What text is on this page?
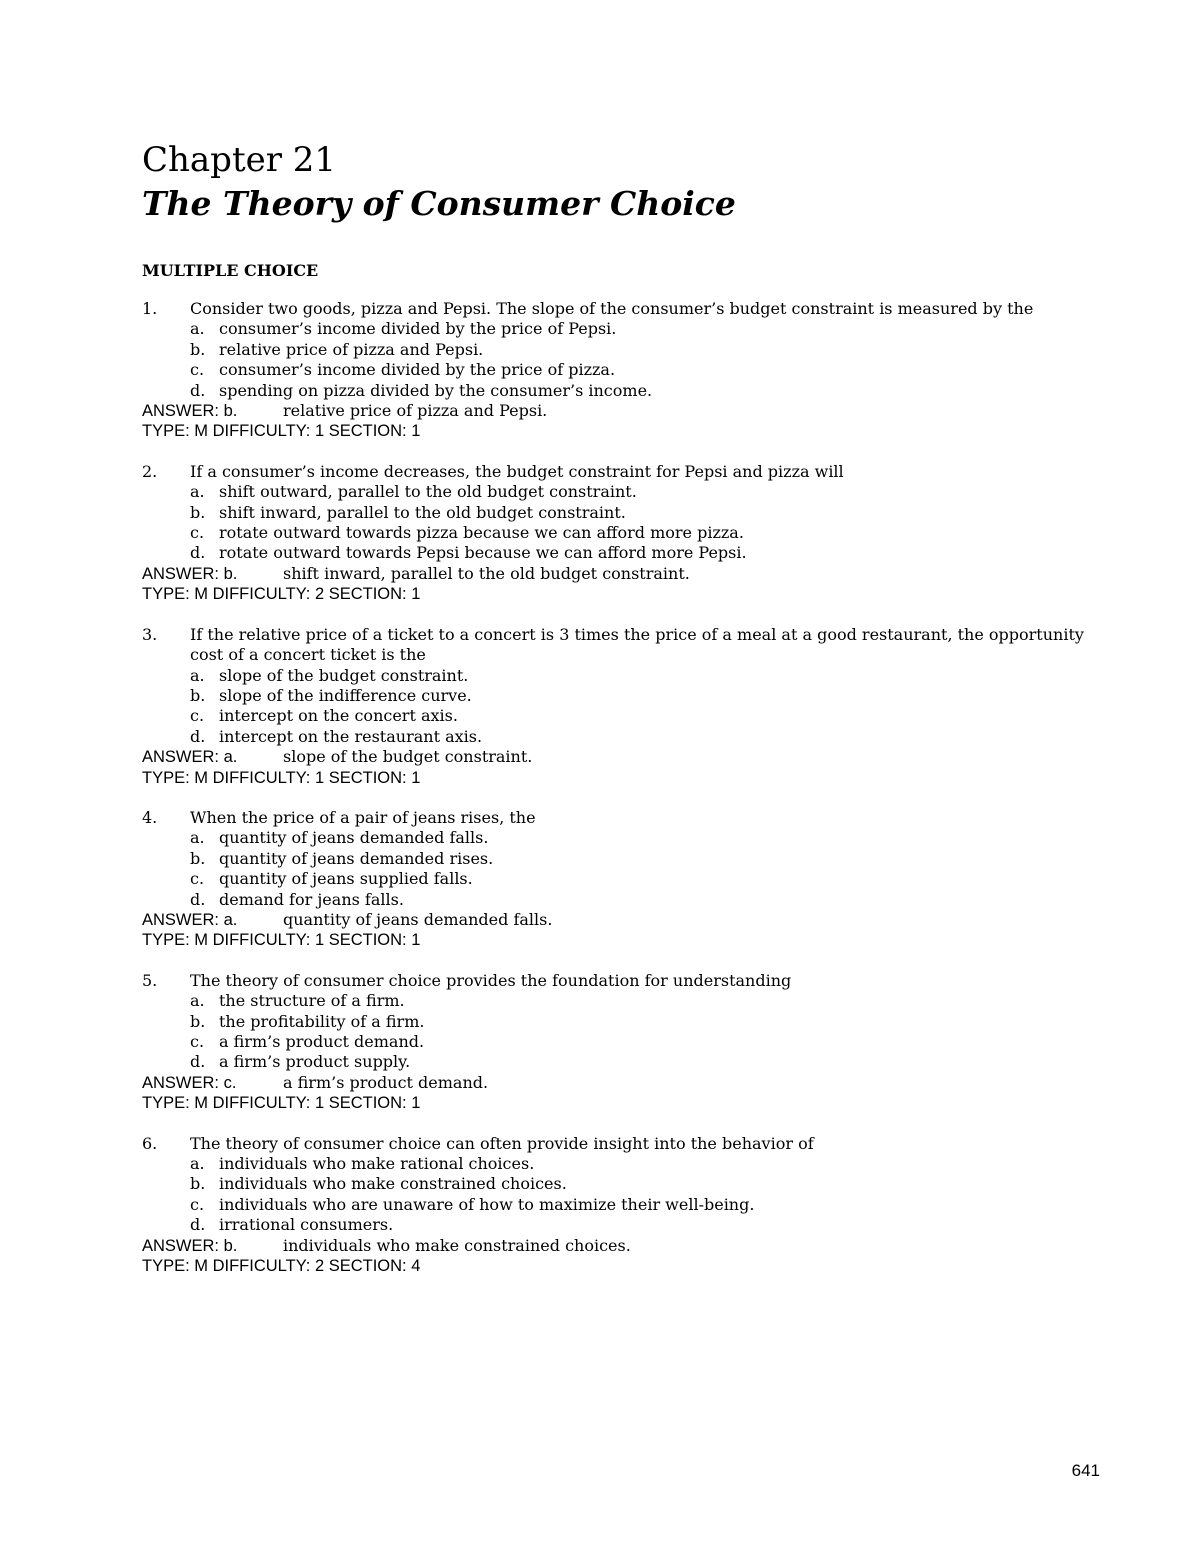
Chapter 21
The Theory of Consumer Choice
MULTIPLE CHOICE
1.	Consider two goods, pizza and Pepsi. The slope of the consumer’s budget constraint is measured by the
a. consumer’s income divided by the price of Pepsi.
b. relative price of pizza and Pepsi.
c. consumer’s income divided by the price of pizza.
d. spending on pizza divided by the consumer’s income.
ANSWER: b.	relative price of pizza and Pepsi.
TYPE: M DIFFICULTY: 1 SECTION: 1
2.	If a consumer’s income decreases, the budget constraint for Pepsi and pizza will
a. shift outward, parallel to the old budget constraint.
b. shift inward, parallel to the old budget constraint.
c. rotate outward towards pizza because we can afford more pizza.
d. rotate outward towards Pepsi because we can afford more Pepsi.
ANSWER: b.	shift inward, parallel to the old budget constraint.
TYPE: M DIFFICULTY: 2 SECTION: 1
3.	If the relative price of a ticket to a concert is 3 times the price of a meal at a good restaurant, the opportunity cost of a concert ticket is the
a. slope of the budget constraint.
b. slope of the indifference curve.
c. intercept on the concert axis.
d. intercept on the restaurant axis.
ANSWER: a.	slope of the budget constraint.
TYPE: M DIFFICULTY: 1 SECTION: 1
4.	When the price of a pair of jeans rises, the
a. quantity of jeans demanded falls.
b. quantity of jeans demanded rises.
c. quantity of jeans supplied falls.
d. demand for jeans falls.
ANSWER: a.	quantity of jeans demanded falls.
TYPE: M DIFFICULTY: 1 SECTION: 1
5.	The theory of consumer choice provides the foundation for understanding
a. the structure of a firm.
b. the profitability of a firm.
c. a firm’s product demand.
d. a firm’s product supply.
ANSWER: c.	a firm’s product demand.
TYPE: M DIFFICULTY: 1 SECTION: 1
6.	The theory of consumer choice can often provide insight into the behavior of
a. individuals who make rational choices.
b. individuals who make constrained choices.
c. individuals who are unaware of how to maximize their well-being.
d. irrational consumers.
ANSWER: b.	individuals who make constrained choices.
TYPE: M DIFFICULTY: 2 SECTION: 4
641
